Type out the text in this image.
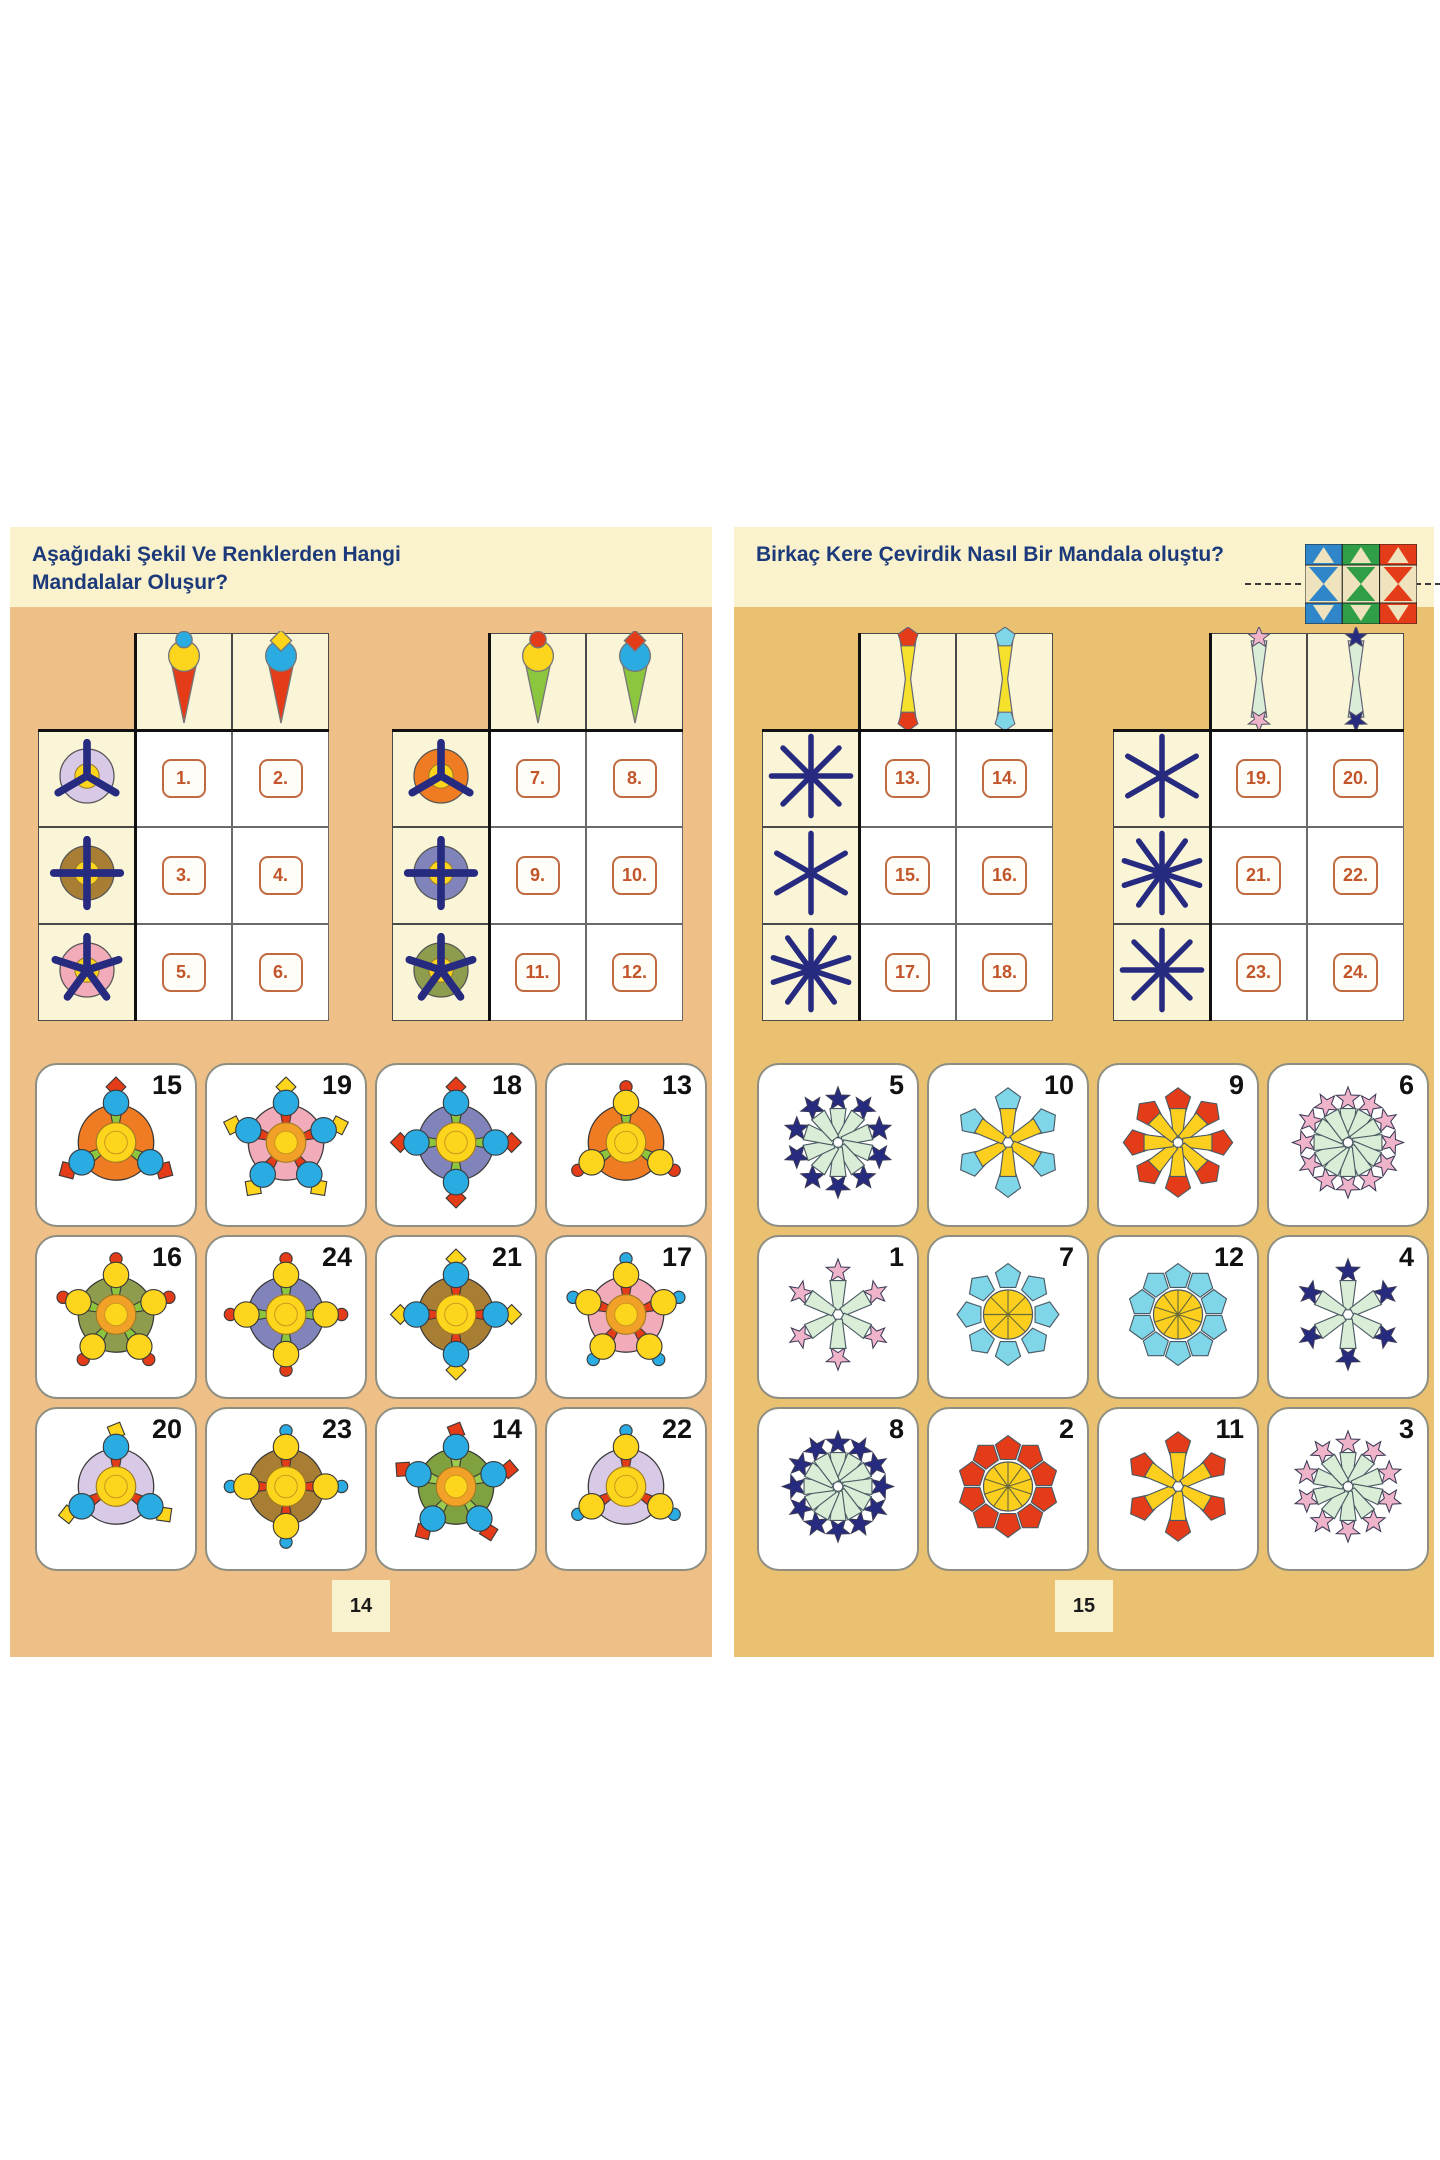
Aşağıdaki Şekil Ve Renklerden Hangi
Mandalalar Oluşur?
1.	2.
3.	4.
5.	6.
7.	8.
9.	10.
11.	12.
15	19	18	13
16	24	21	17
20	23	14	22
14
Birkaç Kere Çevirdik Nasıl Bir Mandala oluştu?
13.	14.
15.	16.
17.	18.
19.	20.
21.	22.
23.	24.
5	10	9	6
1	7	12	4
8	2	11	3
15
